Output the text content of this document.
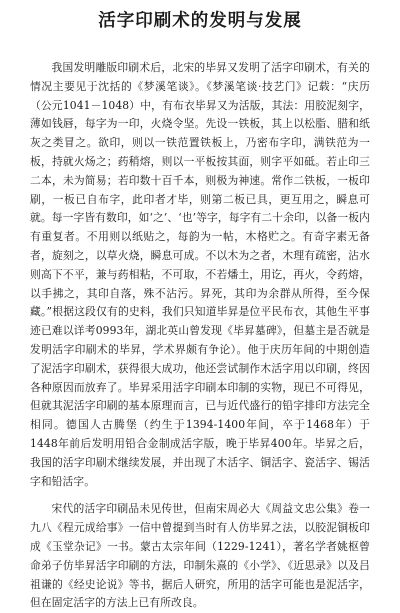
活字印刷术的发明与发展

我国发明雕版印刷术后，北宋的毕昇又发明了活字印刷术，有关的情况主要见于沈括的《梦溪笔谈》。《梦溪笔谈·技艺门》记载：“庆历（公元1041－1048）中，有布衣毕昇又为活版，其法：用胶泥刻字，薄如钱唇，每字为一印，火烧令坚。先设一铁板，其上以松脂、腊和纸灰之类冒之。欲印，则以一铁范置铁板上，乃密布字印，满铁范为一板，持就火炀之；药稍熔，则以一平板按其面，则字平如砥。若止印三二本，未为简易；若印数十百千本，则极为神速。常作二铁板，一板印刷，一板已自布字，此印者才毕，则第二板已具，更互用之，瞬息可就。每一字皆有数印，如‘之’、‘也’等字，每字有二十余印，以备一板内有重复者。不用则以纸贴之，每韵为一帖，木格贮之。有奇字素无备者，旋刻之，以草火烧，瞬息可成。不以木为之者，木理有疏密，沾水则高下不平，兼与药相粘，不可取，不若燔土，用讫，再火，令药熔，以手拂之，其印自落，殊不沾污。昇死，其印为余群从所得，至今保藏。”根据这段仅有的史料，我们只知道毕昇是位平民布衣，其他生平事迹已难以详考0993年，湖北英山曾发现《毕昇墓碑》，但墓主是否就是发明活字印刷术的毕昇，学术界颇有争论）。他于庆历年间的中期创造了泥活字印刷术，获得很大成功，他还尝试制作木活字用以印刷，终因各种原因而放弃了。毕昇采用活字印刷本印制的实物，现已不可得见，但就其泥活字印刷的基本原理而言，已与近代盛行的铅字排印方法完全相同。德国人古腾堡（约生于1394-1400年间，卒于1468年）于1448年前后发明用铅合金制成活字版，晚于毕昇400年。毕昇之后，我国的活字印刷术继续发展，并出现了木活字、铜活字、瓷活字、锡活字和铅活字。

宋代的活字印刷品未见传世，但南宋周必大《周益文忠公集》卷一九八《程元成给事》一信中曾提到当时有人仿毕昇之法，以胶泥铜板印成《玉堂杂记》一书。蒙古太宗年间（1229-1241），著名学者姚枢曾命弟子仿毕昇活字印刷的方法，印制朱熹的《小学》、《近思录》以及吕祖谦的《经史论说》等书，据后人研究，所用的活字可能也是泥活字，但在固定活字的方法上已有所改良。
